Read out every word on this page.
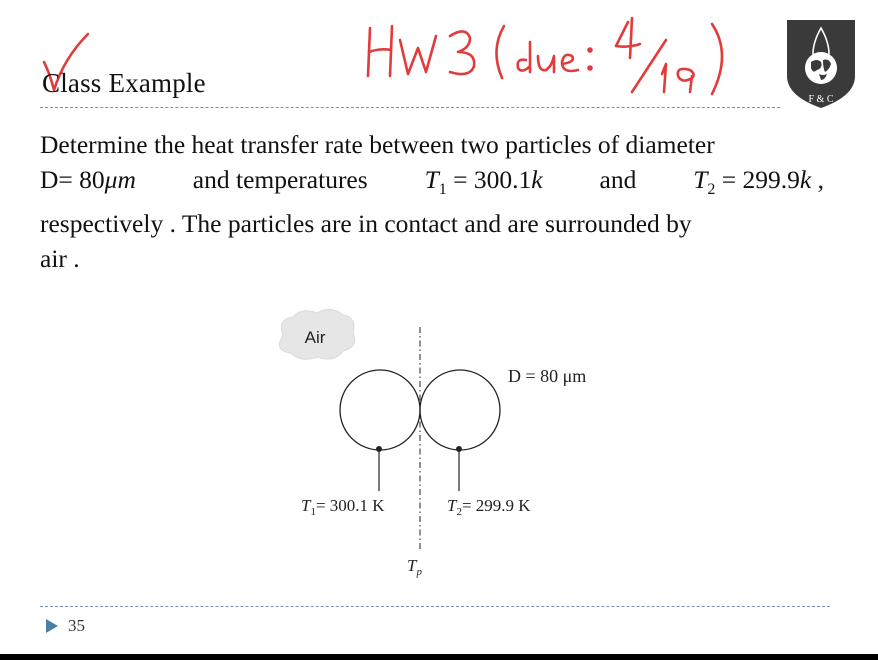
Class Example
F & C
Determine the heat transfer rate between two particles of diameter
D= 80μm and temperatures $T_1 = 300.1k$ and $T_2 = 299.9k$ ,
respectively . The particles are in contact and are surrounded by
air .
Air
D = 80 μm
$T_1= 300.1$ K	$T_2= 299.9$ K
$T_p$
35
